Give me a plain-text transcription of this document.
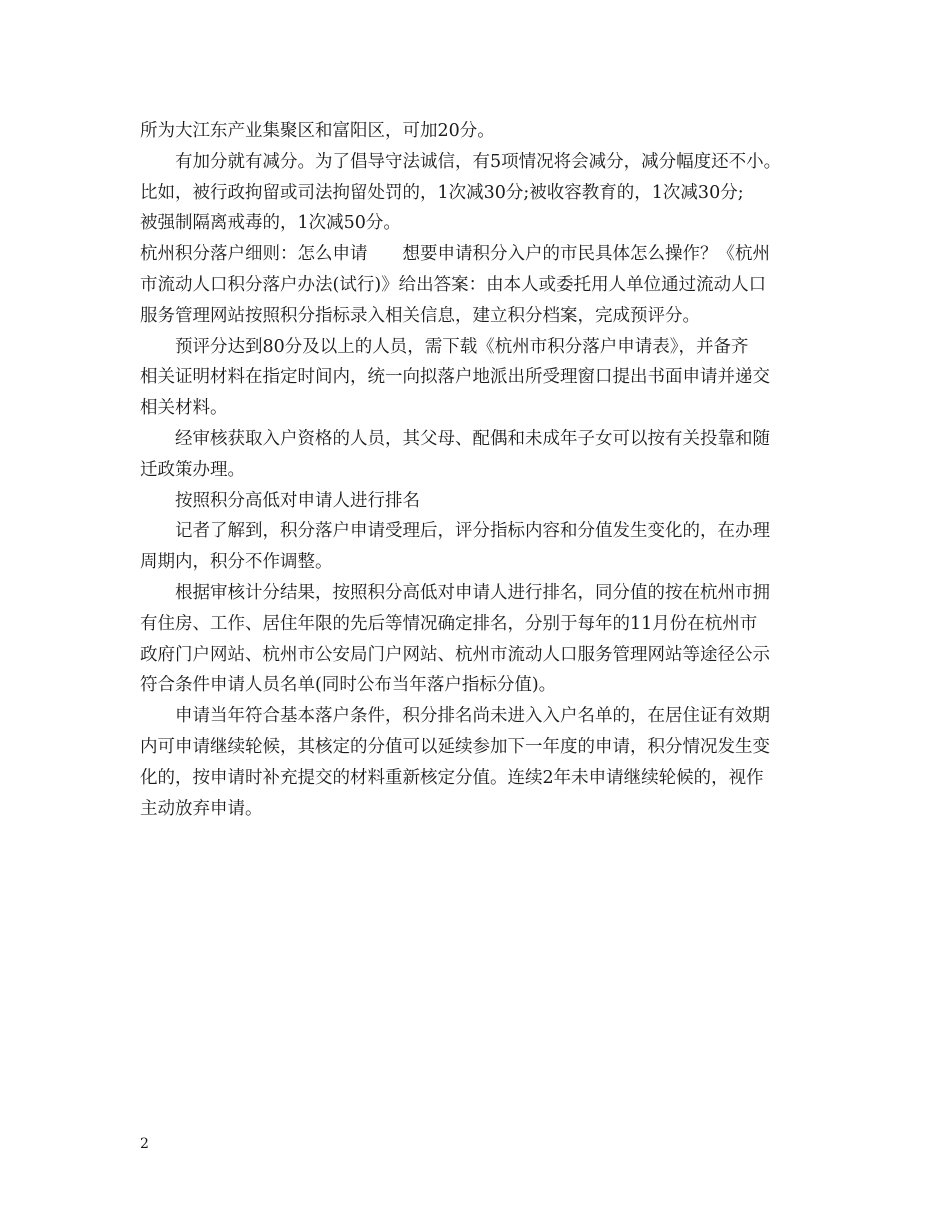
所为大江东产业集聚区和富阳区，可加20分。
有加分就有减分。为了倡导守法诚信，有5项情况将会减分，减分幅度还不小。
比如，被行政拘留或司法拘留处罚的，1次减30分;被收容教育的，1次减30分;
被强制隔离戒毒的，1次减50分。
杭州积分落户细则：怎么申请　　想要申请积分入户的市民具体怎么操作？《杭州
市流动人口积分落户办法(试行)》给出答案：由本人或委托用人单位通过流动人口
服务管理网站按照积分指标录入相关信息，建立积分档案，完成预评分。
预评分达到80分及以上的人员，需下载《杭州市积分落户申请表》，并备齐
相关证明材料在指定时间内，统一向拟落户地派出所受理窗口提出书面申请并递交
相关材料。
经审核获取入户资格的人员，其父母、配偶和未成年子女可以按有关投靠和随
迁政策办理。
按照积分高低对申请人进行排名
记者了解到，积分落户申请受理后，评分指标内容和分值发生变化的，在办理
周期内，积分不作调整。
根据审核计分结果，按照积分高低对申请人进行排名，同分值的按在杭州市拥
有住房、工作、居住年限的先后等情况确定排名，分别于每年的11月份在杭州市
政府门户网站、杭州市公安局门户网站、杭州市流动人口服务管理网站等途径公示
符合条件申请人员名单(同时公布当年落户指标分值)。
申请当年符合基本落户条件，积分排名尚未进入入户名单的，在居住证有效期
内可申请继续轮候，其核定的分值可以延续参加下一年度的申请，积分情况发生变
化的，按申请时补充提交的材料重新核定分值。连续2年未申请继续轮候的，视作
主动放弃申请。
2
